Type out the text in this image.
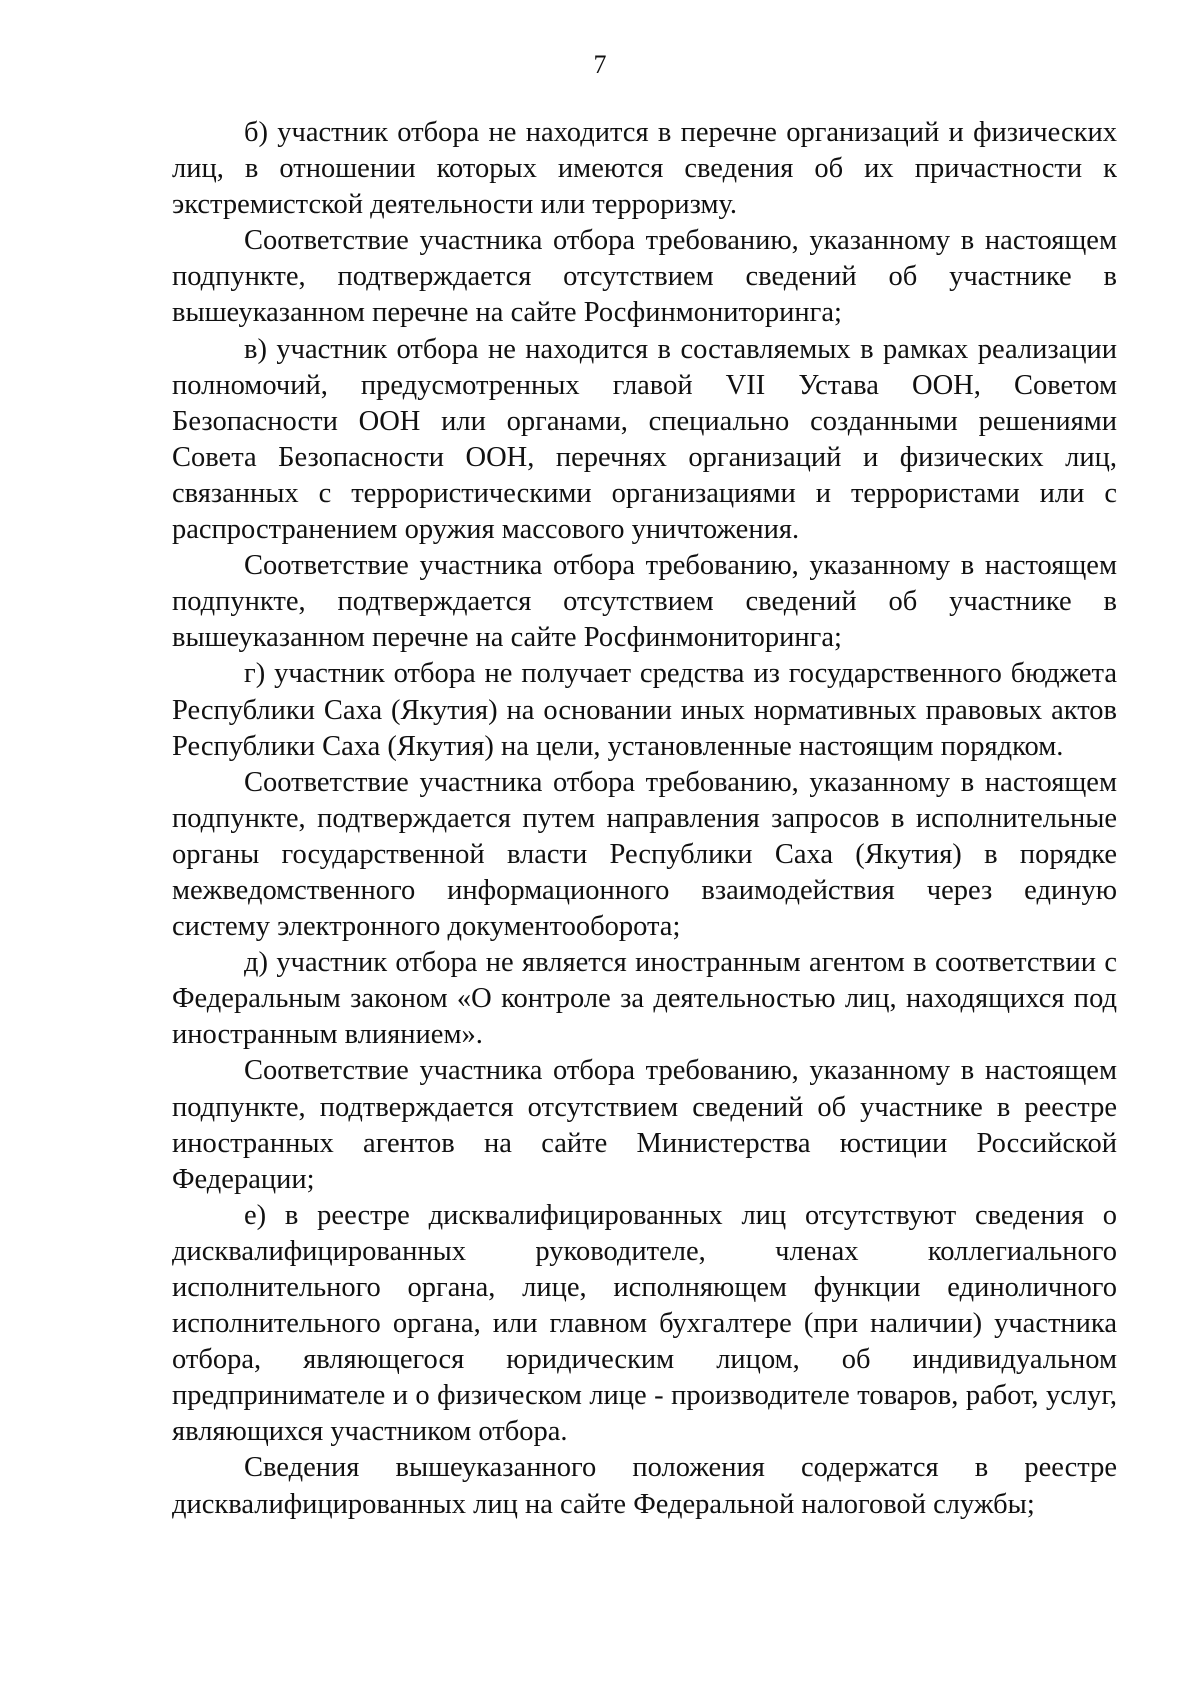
7

б) участник отбора не находится в перечне организаций и физических лиц, в отношении которых имеются сведения об их причастности к экстремистской деятельности или терроризму.

Соответствие участника отбора требованию, указанному в настоящем подпункте, подтверждается отсутствием сведений об участнике в вышеуказанном перечне на сайте Росфинмониторинга;

в) участник отбора не находится в составляемых в рамках реализации полномочий, предусмотренных главой VII Устава ООН, Советом Безопасности ООН или органами, специально созданными решениями Совета Безопасности ООН, перечнях организаций и физических лиц, связанных с террористическими организациями и террористами или с распространением оружия массового уничтожения.

Соответствие участника отбора требованию, указанному в настоящем подпункте, подтверждается отсутствием сведений об участнике в вышеуказанном перечне на сайте Росфинмониторинга;

г) участник отбора не получает средства из государственного бюджета Республики Саха (Якутия) на основании иных нормативных правовых актов Республики Саха (Якутия) на цели, установленные настоящим порядком.

Соответствие участника отбора требованию, указанному в настоящем подпункте, подтверждается путем направления запросов в исполнительные органы государственной власти Республики Саха (Якутия) в порядке межведомственного информационного взаимодействия через единую систему электронного документооборота;

д) участник отбора не является иностранным агентом в соответствии с Федеральным законом «О контроле за деятельностью лиц, находящихся под иностранным влиянием».

Соответствие участника отбора требованию, указанному в настоящем подпункте, подтверждается отсутствием сведений об участнике в реестре иностранных агентов на сайте Министерства юстиции Российской Федерации;

е) в реестре дисквалифицированных лиц отсутствуют сведения о дисквалифицированных руководителе, членах коллегиального исполнительного органа, лице, исполняющем функции единоличного исполнительного органа, или главном бухгалтере (при наличии) участника отбора, являющегося юридическим лицом, об индивидуальном предпринимателе и о физическом лице - производителе товаров, работ, услуг, являющихся участником отбора.

Сведения вышеуказанного положения содержатся в реестре дисквалифицированных лиц на сайте Федеральной налоговой службы;
